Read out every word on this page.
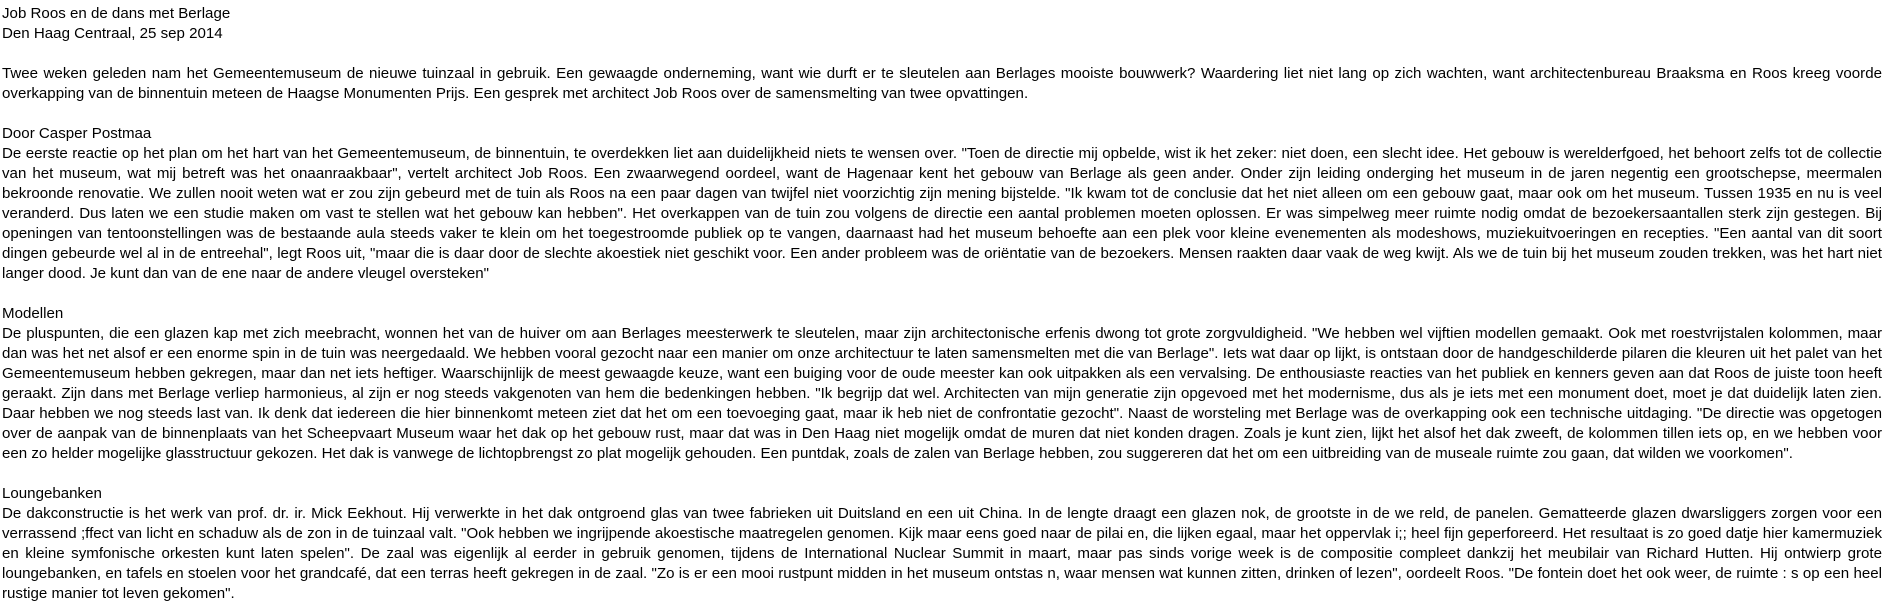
Job Roos en de dans met Berlage
Den Haag Centraal, 25 sep 2014

Twee weken geleden nam het Gemeentemuseum de nieuwe tuinzaal in gebruik. Een gewaagde onderneming, want wie durft er te sleutelen aan Berlages mooiste bouwwerk? Waardering liet niet lang op zich wachten, want architectenbureau Braaksma en Roos kreeg voorde overkapping van de binnentuin meteen de Haagse Monumenten Prijs. Een gesprek met architect Job Roos over de samensmelting van twee opvattingen.

Door Casper Postmaa

De eerste reactie op het plan om het hart van het Gemeentemuseum, de binnentuin, te overdekken liet aan duidelijkheid niets te wensen over. "Toen de directie mij opbelde, wist ik het zeker: niet doen, een slecht idee. Het gebouw is werelderfgoed, het behoort zelfs tot de collectie van het museum, wat mij betreft was het onaanraakbaar", vertelt architect Job Roos. Een zwaarwegend oordeel, want de Hagenaar kent het gebouw van Berlage als geen ander. Onder zijn leiding onderging het museum in de jaren negentig een grootschepse, meermalen bekroonde renovatie. We zullen nooit weten wat er zou zijn gebeurd met de tuin als Roos na een paar dagen van twijfel niet voorzichtig zijn mening bijstelde. "Ik kwam tot de conclusie dat het niet alleen om een gebouw gaat, maar ook om het museum. Tussen 1935 en nu is veel veranderd. Dus laten we een studie maken om vast te stellen wat het gebouw kan hebben". Het overkappen van de tuin zou volgens de directie een aantal problemen moeten oplossen. Er was simpelweg meer ruimte nodig omdat de bezoekersaantallen sterk zijn gestegen. Bij openingen van tentoonstellingen was de bestaande aula steeds vaker te klein om het toegestroomde publiek op te vangen, daarnaast had het museum behoefte aan een plek voor kleine evenementen als modeshows, muziekuitvoeringen en recepties. "Een aantal van dit soort dingen gebeurde wel al in de entreehal", legt Roos uit, "maar die is daar door de slechte akoestiek niet geschikt voor. Een ander probleem was de oriëntatie van de bezoekers. Mensen raakten daar vaak de weg kwijt. Als we de tuin bij het museum zouden trekken, was het hart niet langer dood. Je kunt dan van de ene naar de andere vleugel oversteken"

Modellen

De pluspunten, die een glazen kap met zich meebracht, wonnen het van de huiver om aan Berlages meesterwerk te sleutelen, maar zijn architectonische erfenis dwong tot grote zorgvuldigheid. "We hebben wel vijftien modellen gemaakt. Ook met roestvrijstalen kolommen, maar dan was het net alsof er een enorme spin in de tuin was neergedaald. We hebben vooral gezocht naar een manier om onze architectuur te laten samensmelten met die van Berlage". Iets wat daar op lijkt, is ontstaan door de handgeschilderde pilaren die kleuren uit het palet van het Gemeentemuseum hebben gekregen, maar dan net iets heftiger. Waarschijnlijk de meest gewaagde keuze, want een buiging voor de oude meester kan ook uitpakken als een vervalsing. De enthousiaste reacties van het publiek en kenners geven aan dat Roos de juiste toon heeft geraakt. Zijn dans met Berlage verliep harmonieus, al zijn er nog steeds vakgenoten van hem die bedenkingen hebben. "Ik begrijp dat wel. Architecten van mijn generatie zijn opgevoed met het modernisme, dus als je iets met een monument doet, moet je dat duidelijk laten zien. Daar hebben we nog steeds last van. Ik denk dat iedereen die hier binnenkomt meteen ziet dat het om een toevoeging gaat, maar ik heb niet de confrontatie gezocht". Naast de worsteling met Berlage was de overkapping ook een technische uitdaging. "De directie was opgetogen over de aanpak van de binnenplaats van het Scheepvaart Museum waar het dak op het gebouw rust, maar dat was in Den Haag niet mogelijk omdat de muren dat niet konden dragen. Zoals je kunt zien, lijkt het alsof het dak zweeft, de kolommen tillen iets op, en we hebben voor een zo helder mogelijke glasstructuur gekozen. Het dak is vanwege de lichtopbrengst zo plat mogelijk gehouden. Een puntdak, zoals de zalen van Berlage hebben, zou suggereren dat het om een uitbreiding van de museale ruimte zou gaan, dat wilden we voorkomen".

Loungebanken

De dakconstructie is het werk van prof. dr. ir. Mick Eekhout. Hij verwerkte in het dak ontgroend glas van twee fabrieken uit Duitsland en een uit China. In de lengte draagt een glazen nok, de grootste in de we reld, de panelen. Gematteerde glazen dwarsliggers zorgen voor een verrassend ;ffect van licht en schaduw als de zon in de tuinzaal valt. "Ook hebben we ingrijpende akoestische maatregelen genomen. Kijk maar eens goed naar de pilai en, die lijken egaal, maar het oppervlak i;; heel fijn geperforeerd. Het resultaat is zo goed datje hier kamermuziek en kleine symfonische orkesten kunt laten spelen". De zaal was eigenlijk al eerder in gebruik genomen, tijdens de International Nuclear Summit in maart, maar pas sinds vorige week is de compositie compleet dankzij het meubilair van Richard Hutten. Hij ontwierp grote loungebanken, en tafels en stoelen voor het grandcafé, dat een terras heeft gekregen in de zaal. "Zo is er een mooi rustpunt midden in het museum ontstas n, waar mensen wat kunnen zitten, drinken of lezen", oordeelt Roos. "De fontein doet het ook weer, de ruimte : s op een heel rustige manier tot leven gekomen".
